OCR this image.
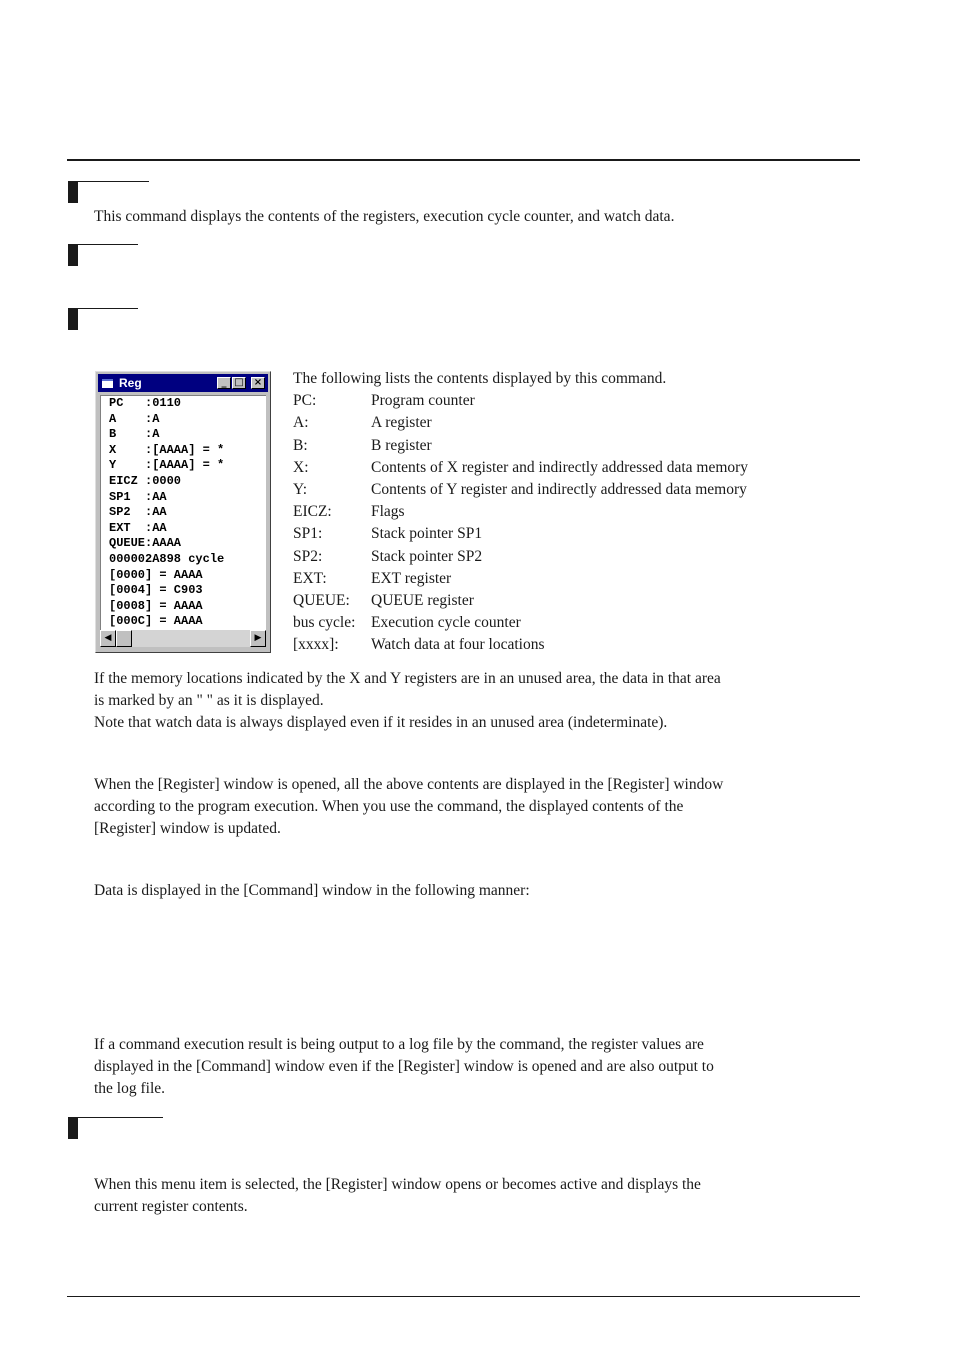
This command displays the contents of the registers, execution cycle counter, and watch data.
Reg	_ □ ×
PC   :0110
A    :A
B    :A
X    :[AAAA] = *
Y    :[AAAA] = *
EICZ :0000
SP1  :AA
SP2  :AA
EXT  :AA
QUEUE:AAAA
000002A898 cycle
[0000] = AAAA
[0004] = C903
[0008] = AAAA
[000C] = AAAA
◀	▶
The following lists the contents displayed by this command.
PC:	Program counter
A:	A register
B:	B register
X:	Contents of X register and indirectly addressed data memory
Y:	Contents of Y register and indirectly addressed data memory
EICZ:	Flags
SP1:	Stack pointer SP1
SP2:	Stack pointer SP2
EXT:	EXT register
QUEUE: QUEUE register
bus cycle: Execution cycle counter
[xxxx]: Watch data at four locations
If the memory locations indicated by the X and Y registers are in an unused area, the data in that area
is marked by an " " as it is displayed.
Note that watch data is always displayed even if it resides in an unused area (indeterminate).
When the [Register] window is opened, all the above contents are displayed in the [Register] window
according to the program execution. When you use the command, the displayed contents of the
[Register] window is updated.
Data is displayed in the [Command] window in the following manner:
If a command execution result is being output to a log file by the command, the register values are
displayed in the [Command] window even if the [Register] window is opened and are also output to
the log file.
When this menu item is selected, the [Register] window opens or becomes active and displays the
current register contents.
